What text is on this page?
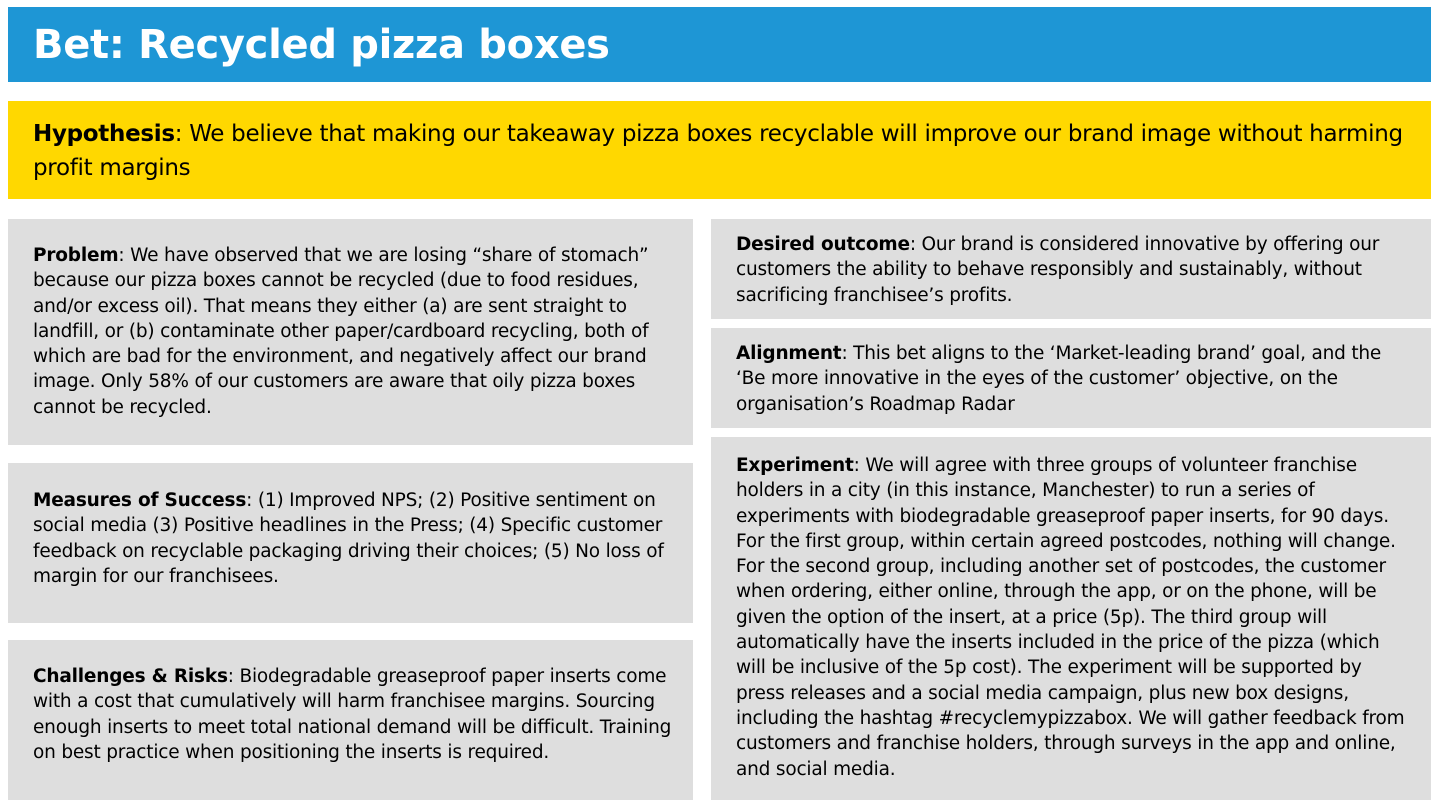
Bet: Recycled pizza boxes
Hypothesis: We believe that making our takeaway pizza boxes recyclable will improve our brand image without harming profit margins
Problem: We have observed that we are losing “share of stomach” because our pizza boxes cannot be recycled (due to food residues, and/or excess oil). That means they either (a) are sent straight to landfill, or (b) contaminate other paper/cardboard recycling, both of which are bad for the environment, and negatively affect our brand image. Only 58% of our customers are aware that oily pizza boxes cannot be recycled.
Measures of Success: (1) Improved NPS; (2) Positive sentiment on social media (3) Positive headlines in the Press; (4) Specific customer feedback on recyclable packaging driving their choices; (5) No loss of margin for our franchisees.
Challenges & Risks: Biodegradable greaseproof paper inserts come with a cost that cumulatively will harm franchisee margins. Sourcing enough inserts to meet total national demand will be difficult. Training on best practice when positioning the inserts is required.
Desired outcome: Our brand is considered innovative by offering our customers the ability to behave responsibly and sustainably, without sacrificing franchisee’s profits.
Alignment: This bet aligns to the ‘Market-leading brand’ goal, and the ‘Be more innovative in the eyes of the customer’ objective, on the organisation’s Roadmap Radar
Experiment: We will agree with three groups of volunteer franchise holders in a city (in this instance, Manchester) to run a series of experiments with biodegradable greaseproof paper inserts, for 90 days. For the first group, within certain agreed postcodes, nothing will change. For the second group, including another set of postcodes, the customer when ordering, either online, through the app, or on the phone, will be given the option of the insert, at a price (5p). The third group will automatically have the inserts included in the price of the pizza (which will be inclusive of the 5p cost). The experiment will be supported by press releases and a social media campaign, plus new box designs, including the hashtag #recyclemypizzabox. We will gather feedback from customers and franchise holders, through surveys in the app and online, and social media.
